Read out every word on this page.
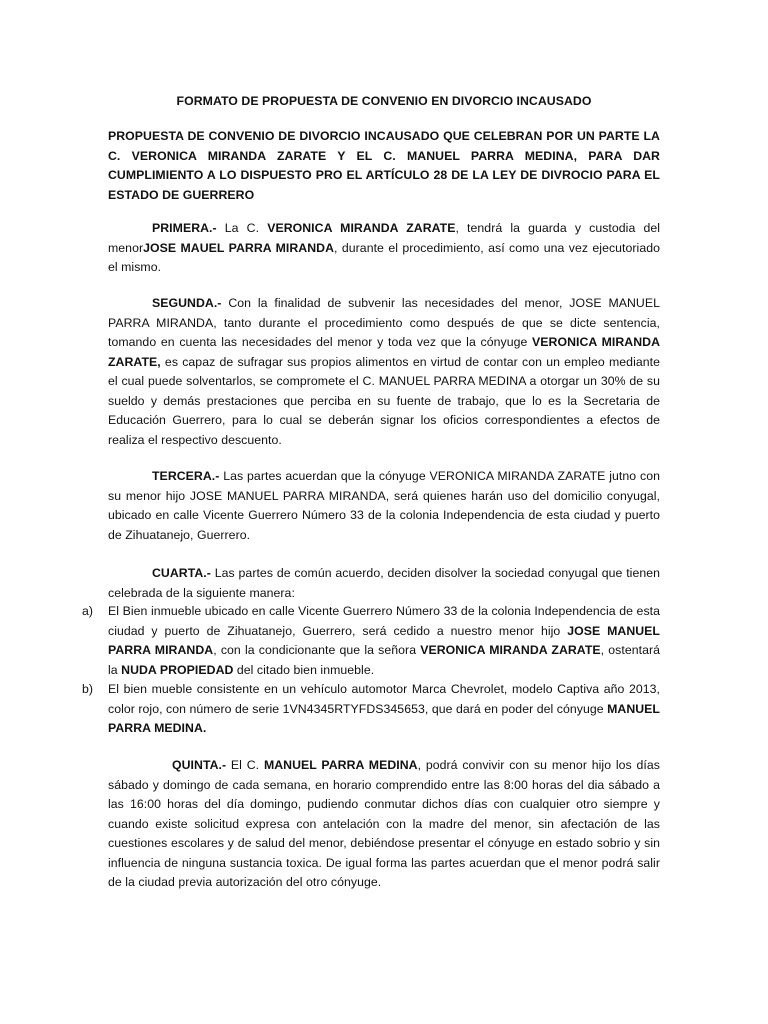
FORMATO DE PROPUESTA DE CONVENIO EN DIVORCIO INCAUSADO
PROPUESTA DE CONVENIO DE DIVORCIO INCAUSADO QUE CELEBRAN POR UN PARTE LA C. VERONICA MIRANDA ZARATE Y EL C. MANUEL PARRA MEDINA, PARA DAR CUMPLIMIENTO A LO DISPUESTO PRO EL ARTÍCULO 28 DE LA LEY DE DIVROCIO PARA EL ESTADO DE GUERRERO
PRIMERA.- La C. VERONICA MIRANDA ZARATE, tendrá la guarda y custodia del menorJOSE MAUEL PARRA MIRANDA, durante el procedimiento, así como una vez ejecutoriado el mismo.
SEGUNDA.- Con la finalidad de subvenir las necesidades del menor, JOSE MANUEL PARRA MIRANDA, tanto durante el procedimiento como después de que se dicte sentencia, tomando en cuenta las necesidades del menor y toda vez que la cónyuge VERONICA MIRANDA ZARATE, es capaz de sufragar sus propios alimentos en virtud de contar con un empleo mediante el cual puede solventarlos, se compromete el C. MANUEL PARRA MEDINA a otorgar un 30% de su sueldo y demás prestaciones que perciba en su fuente de trabajo, que lo es la Secretaria de Educación Guerrero, para lo cual se deberán signar los oficios correspondientes a efectos de realiza el respectivo descuento.
TERCERA.- Las partes acuerdan que la cónyuge VERONICA MIRANDA ZARATE jutno con su menor hijo JOSE MANUEL PARRA MIRANDA, será quienes harán uso del domicilio conyugal, ubicado en calle Vicente Guerrero Número 33 de la colonia Independencia de esta ciudad y puerto de Zihuatanejo, Guerrero.
CUARTA.- Las partes de común acuerdo, deciden disolver la sociedad conyugal que tienen celebrada de la siguiente manera:
a) El Bien inmueble ubicado en calle Vicente Guerrero Número 33 de la colonia Independencia de esta ciudad y puerto de Zihuatanejo, Guerrero, será cedido a nuestro menor hijo JOSE MANUEL PARRA MIRANDA, con la condicionante que la señora VERONICA MIRANDA ZARATE, ostentará la NUDA PROPIEDAD del citado bien inmueble.
b) El bien mueble consistente en un vehículo automotor Marca Chevrolet, modelo Captiva año 2013, color rojo, con número de serie 1VN4345RTYFDS345653, que dará en poder del cónyuge MANUEL PARRA MEDINA.
QUINTA.- El C. MANUEL PARRA MEDINA, podrá convivir con su menor hijo los días sábado y domingo de cada semana, en horario comprendido entre las 8:00 horas del dia sábado a las 16:00 horas del día domingo, pudiendo conmutar dichos días con cualquier otro siempre y cuando existe solicitud expresa con antelación con la madre del menor, sin afectación de las cuestiones escolares y de salud del menor, debiéndose presentar el cónyuge en estado sobrio y sin influencia de ninguna sustancia toxica. De igual forma las partes acuerdan que el menor podrá salir de la ciudad previa autorización del otro cónyuge.
